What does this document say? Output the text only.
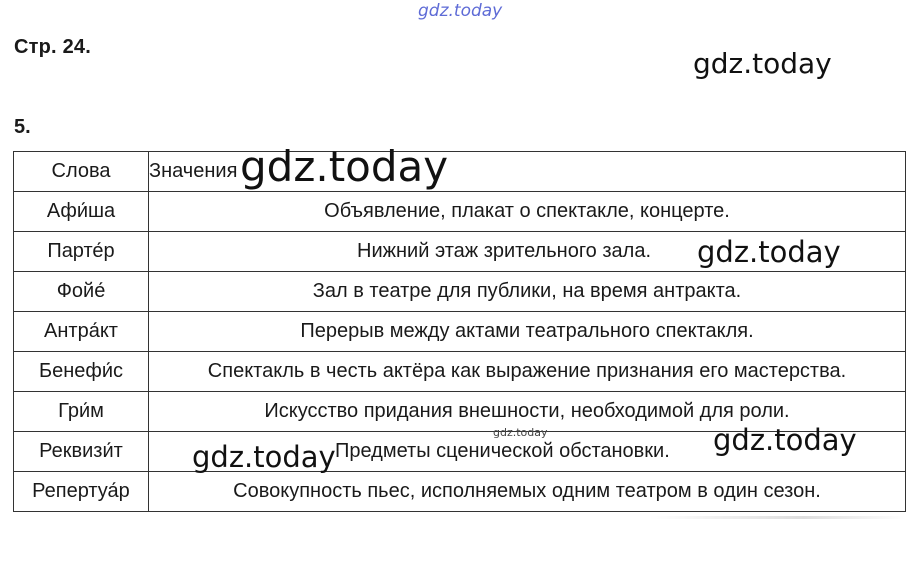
Стр. 24.
5.
Слова	Значения
Афи́ша	Объявление, плакат о спектакле, концерте.
Парте́р	Нижний этаж зрительного зала.
Фойе́	Зал в театре для публики, на время антракта.
Антра́кт	Перерыв между актами театрального спектакля.
Бенефи́с	Спектакль в честь актёра как выражение признания его мастерства.
Гри́м	Искусство придания внешности, необходимой для роли.
Реквизи́т	Предметы сценической обстановки.
Репертуа́р	Совокупность пьес, исполняемых одним театром в один сезон.
gdz.today
gdz.today
gdz.today
gdz.today
gdz.today	gdz.today
gdz.today
